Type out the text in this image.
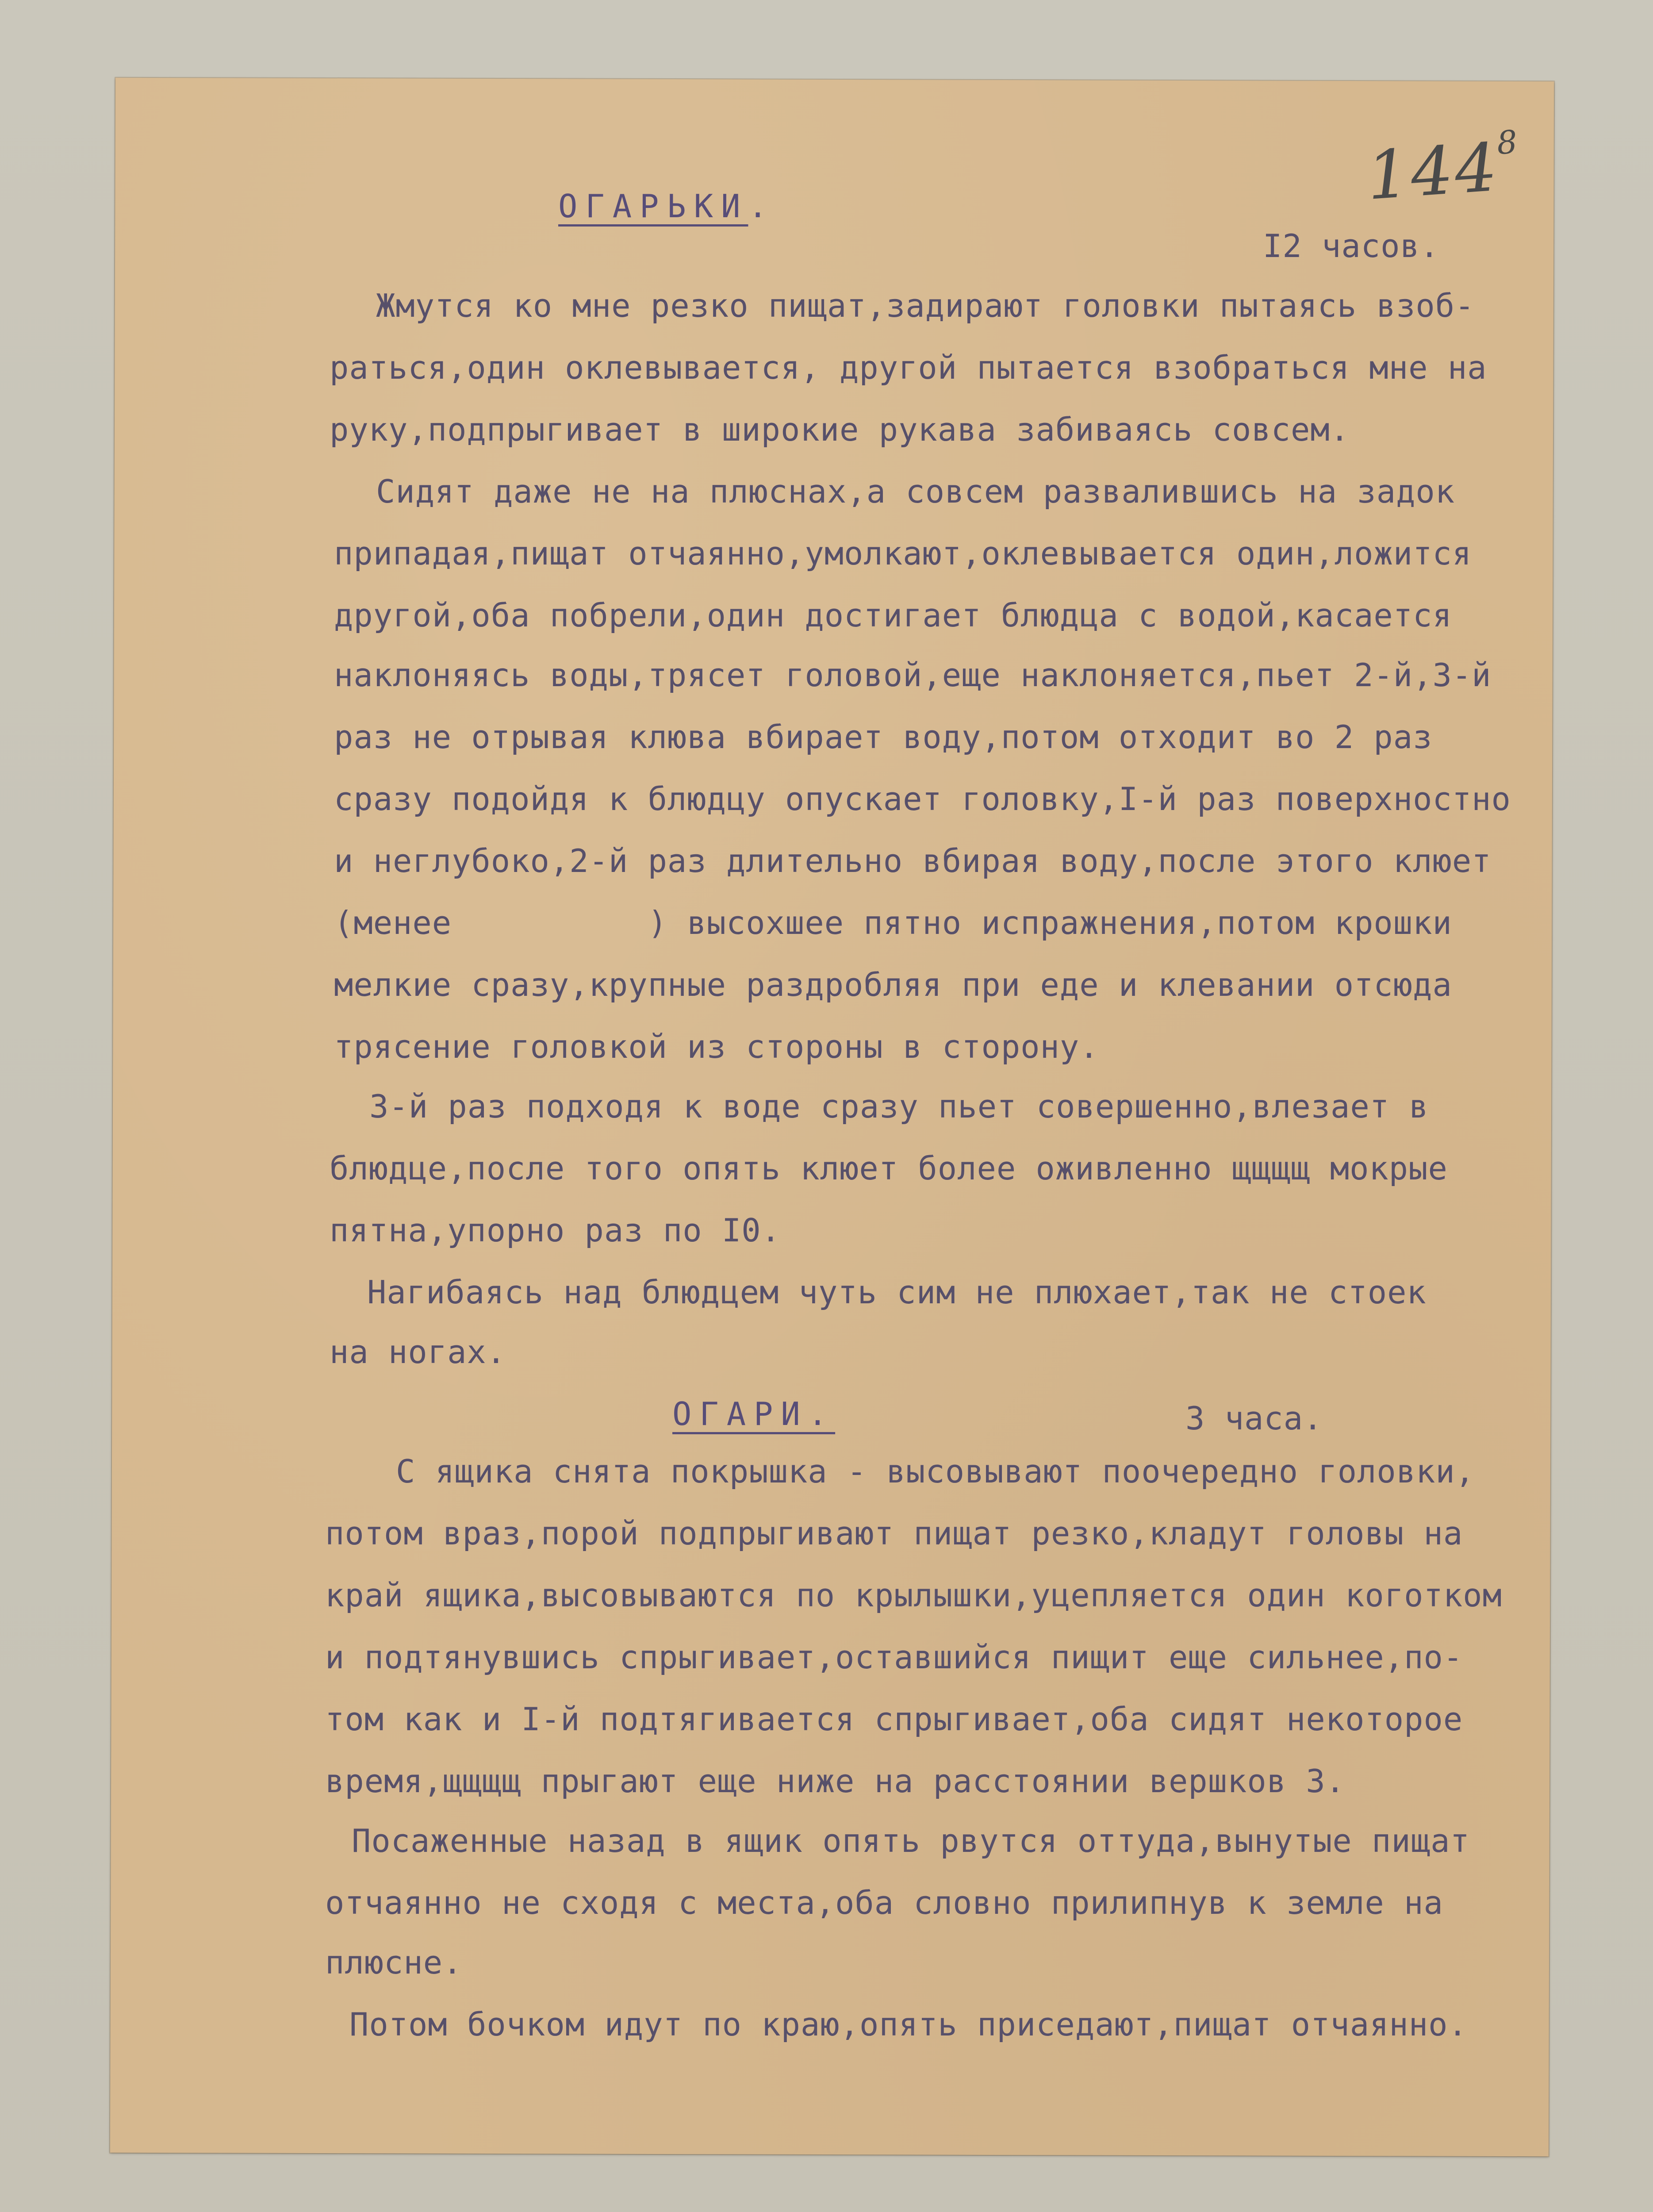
$144^8$
ОГАРЬКИ.
I2 часов.
Жмутся ко мне резко пищат,задирают головки пытаясь взоб-
раться,один оклевывается, другой пытается взобраться мне на
руку,подпрыгивает в широкие рукава забиваясь совсем.
Сидят даже не на плюснах,а совсем развалившись на задок
припадая,пищат отчаянно,умолкают,оклевывается один,ложится
другой,оба побрели,один достигает блюдца с водой,касается
наклоняясь воды,трясет головой,еще наклоняется,пьет 2-й,3-й
раз не отрывая клюва вбирает воду,потом отходит во 2 раз
сразу подойдя к блюдцу опускает головку,I-й раз поверхностно
и неглубоко,2-й раз длительно вбирая воду,после этого клюет
(менее          ) высохшее пятно испражнения,потом крошки
мелкие сразу,крупные раздробляя при еде и клевании отсюда
трясение головкой из стороны в сторону.
3-й раз подходя к воде сразу пьет совершенно,влезает в
блюдце,после того опять клюет более оживленно щщщщ мокрые
пятна,упорно раз по I0.
Нагибаясь над блюдцем чуть сим не плюхает,так не стоек
на ногах.
ОГАРИ.	3 часа.
С ящика снята покрышка - высовывают поочередно головки,
потом враз,порой подпрыгивают пищат резко,кладут головы на
край ящика,высовываются по крылышки,уцепляется один коготком
и подтянувшись спрыгивает,оставшийся пищит еще сильнее,по-
том как и I-й подтягивается спрыгивает,оба сидят некоторое
время,щщщщ прыгают еще ниже на расстоянии вершков 3.
Посаженные назад в ящик опять рвутся оттуда,вынутые пищат
отчаянно не сходя с места,оба словно прилипнув к земле на
плюсне.
Потом бочком идут по краю,опять приседают,пищат отчаянно.
